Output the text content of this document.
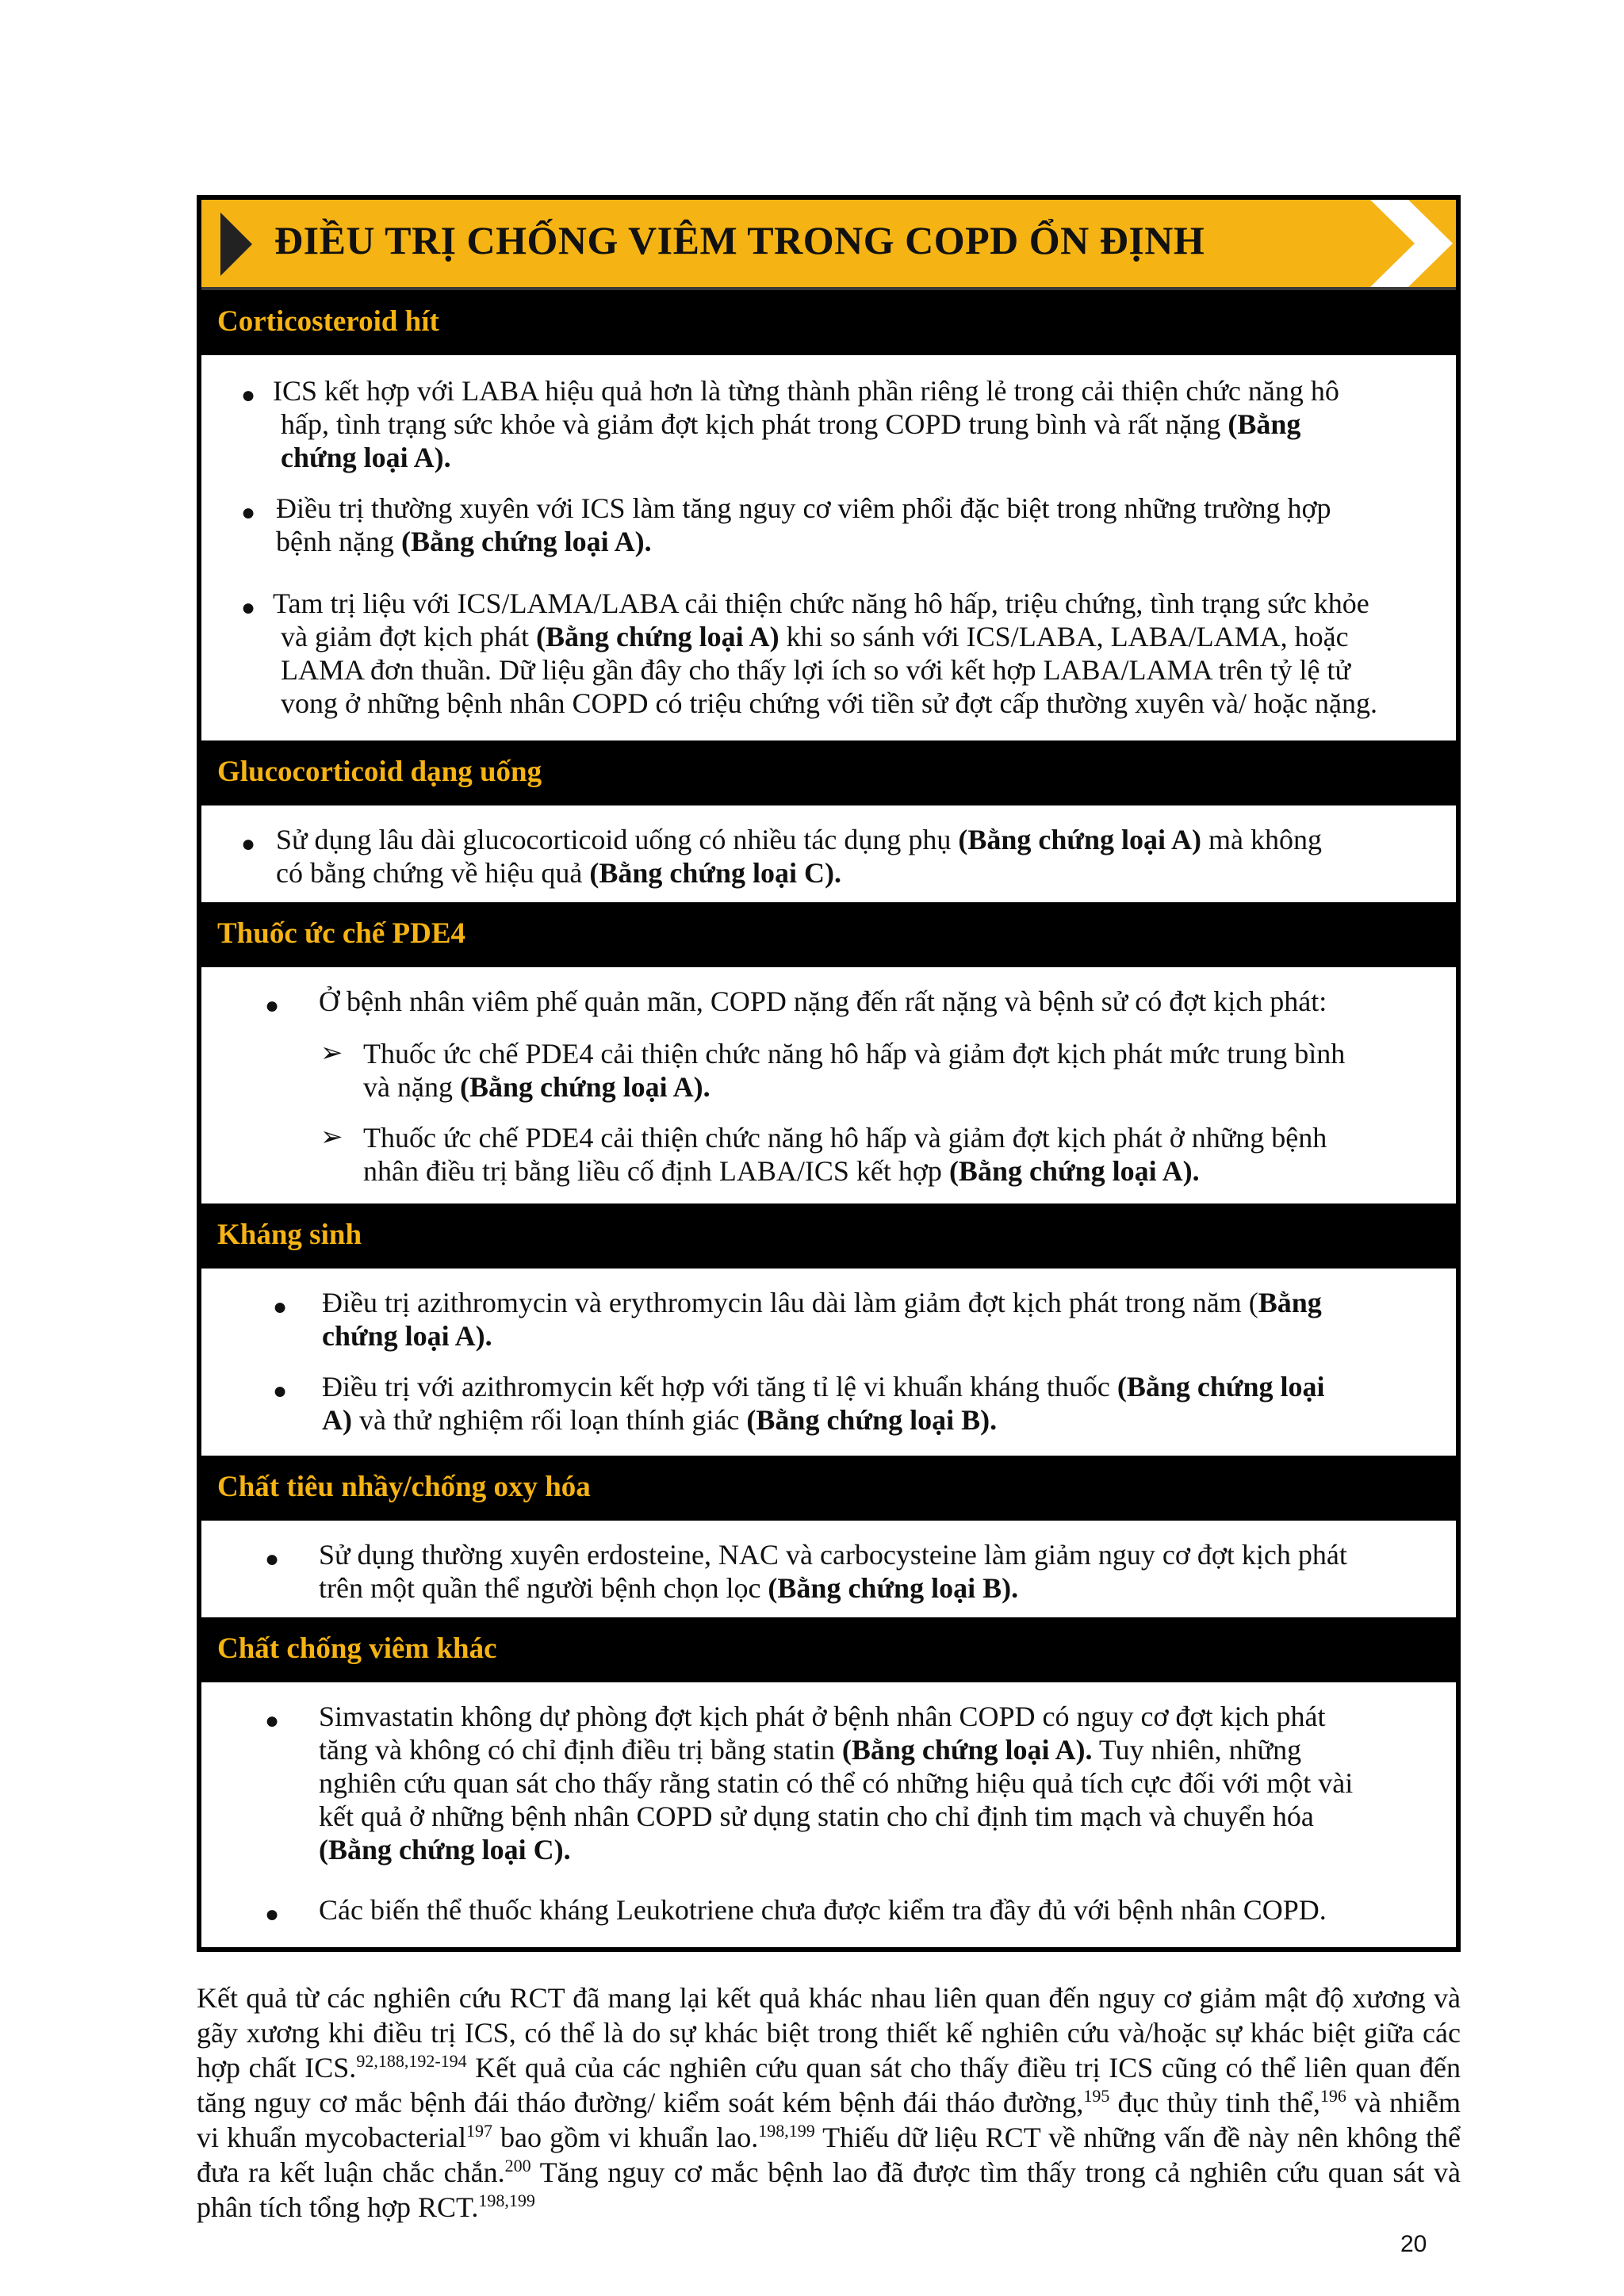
ĐIỀU TRỊ CHỐNG VIÊM TRONG COPD ỔN ĐỊNH
Corticosteroid hít
● ICS kết hợp với LABA hiệu quả hơn là từng thành phần riêng lẻ trong cải thiện chức năng hô
hấp, tình trạng sức khỏe và giảm đợt kịch phát trong COPD trung bình và rất nặng (Bằng
chứng loại A).
● Điều trị thường xuyên với ICS làm tăng nguy cơ viêm phổi đặc biệt trong những trường hợp
bệnh nặng (Bằng chứng loại A).
● Tam trị liệu với ICS/LAMA/LABA cải thiện chức năng hô hấp, triệu chứng, tình trạng sức khỏe
và giảm đợt kịch phát (Bằng chứng loại A) khi so sánh với ICS/LABA, LABA/LAMA, hoặc
LAMA đơn thuần. Dữ liệu gần đây cho thấy lợi ích so với kết hợp LABA/LAMA trên tỷ lệ tử
vong ở những bệnh nhân COPD có triệu chứng với tiền sử đợt cấp thường xuyên và/ hoặc nặng.
Glucocorticoid dạng uống
● Sử dụng lâu dài glucocorticoid uống có nhiều tác dụng phụ (Bằng chứng loại A) mà không
có bằng chứng về hiệu quả (Bằng chứng loại C).
Thuốc ức chế PDE4
● Ở bệnh nhân viêm phế quản mãn, COPD nặng đến rất nặng và bệnh sử có đợt kịch phát:
➢ Thuốc ức chế PDE4 cải thiện chức năng hô hấp và giảm đợt kịch phát mức trung bình
và nặng (Bằng chứng loại A).
➢ Thuốc ức chế PDE4 cải thiện chức năng hô hấp và giảm đợt kịch phát ở những bệnh
nhân điều trị bằng liều cố định LABA/ICS kết hợp (Bằng chứng loại A).
Kháng sinh
● Điều trị azithromycin và erythromycin lâu dài làm giảm đợt kịch phát trong năm (Bằng
chứng loại A).
● Điều trị với azithromycin kết hợp với tăng tỉ lệ vi khuẩn kháng thuốc (Bằng chứng loại
A) và thử nghiệm rối loạn thính giác (Bằng chứng loại B).
Chất tiêu nhầy/chống oxy hóa
● Sử dụng thường xuyên erdosteine, NAC và carbocysteine làm giảm nguy cơ đợt kịch phát
trên một quần thể người bệnh chọn lọc (Bằng chứng loại B).
Chất chống viêm khác
● Simvastatin không dự phòng đợt kịch phát ở bệnh nhân COPD có nguy cơ đợt kịch phát
tăng và không có chỉ định điều trị bằng statin (Bằng chứng loại A). Tuy nhiên, những
nghiên cứu quan sát cho thấy rằng statin có thể có những hiệu quả tích cực đối với một vài
kết quả ở những bệnh nhân COPD sử dụng statin cho chỉ định tim mạch và chuyển hóa
(Bằng chứng loại C).
● Các biến thể thuốc kháng Leukotriene chưa được kiểm tra đầy đủ với bệnh nhân COPD.
Kết quả từ các nghiên cứu RCT đã mang lại kết quả khác nhau liên quan đến nguy cơ giảm mật độ xương và gãy xương khi điều trị ICS, có thể là do sự khác biệt trong thiết kế nghiên cứu và/hoặc sự khác biệt giữa các hợp chất ICS.$^{92,188,192-194}$ Kết quả của các nghiên cứu quan sát cho thấy điều trị ICS cũng có thể liên quan đến tăng nguy cơ mắc bệnh đái tháo đường/ kiểm soát kém bệnh đái tháo đường,$^{195}$ đục thủy tinh thể,$^{196}$ và nhiễm vi khuẩn mycobacterial$^{197}$ bao gồm vi khuẩn lao.$^{198,199}$ Thiếu dữ liệu RCT về những vấn đề này nên không thể đưa ra kết luận chắc chắn.$^{200}$ Tăng nguy cơ mắc bệnh lao đã được tìm thấy trong cả nghiên cứu quan sát và phân tích tổng hợp RCT.$^{198,199}$
20
